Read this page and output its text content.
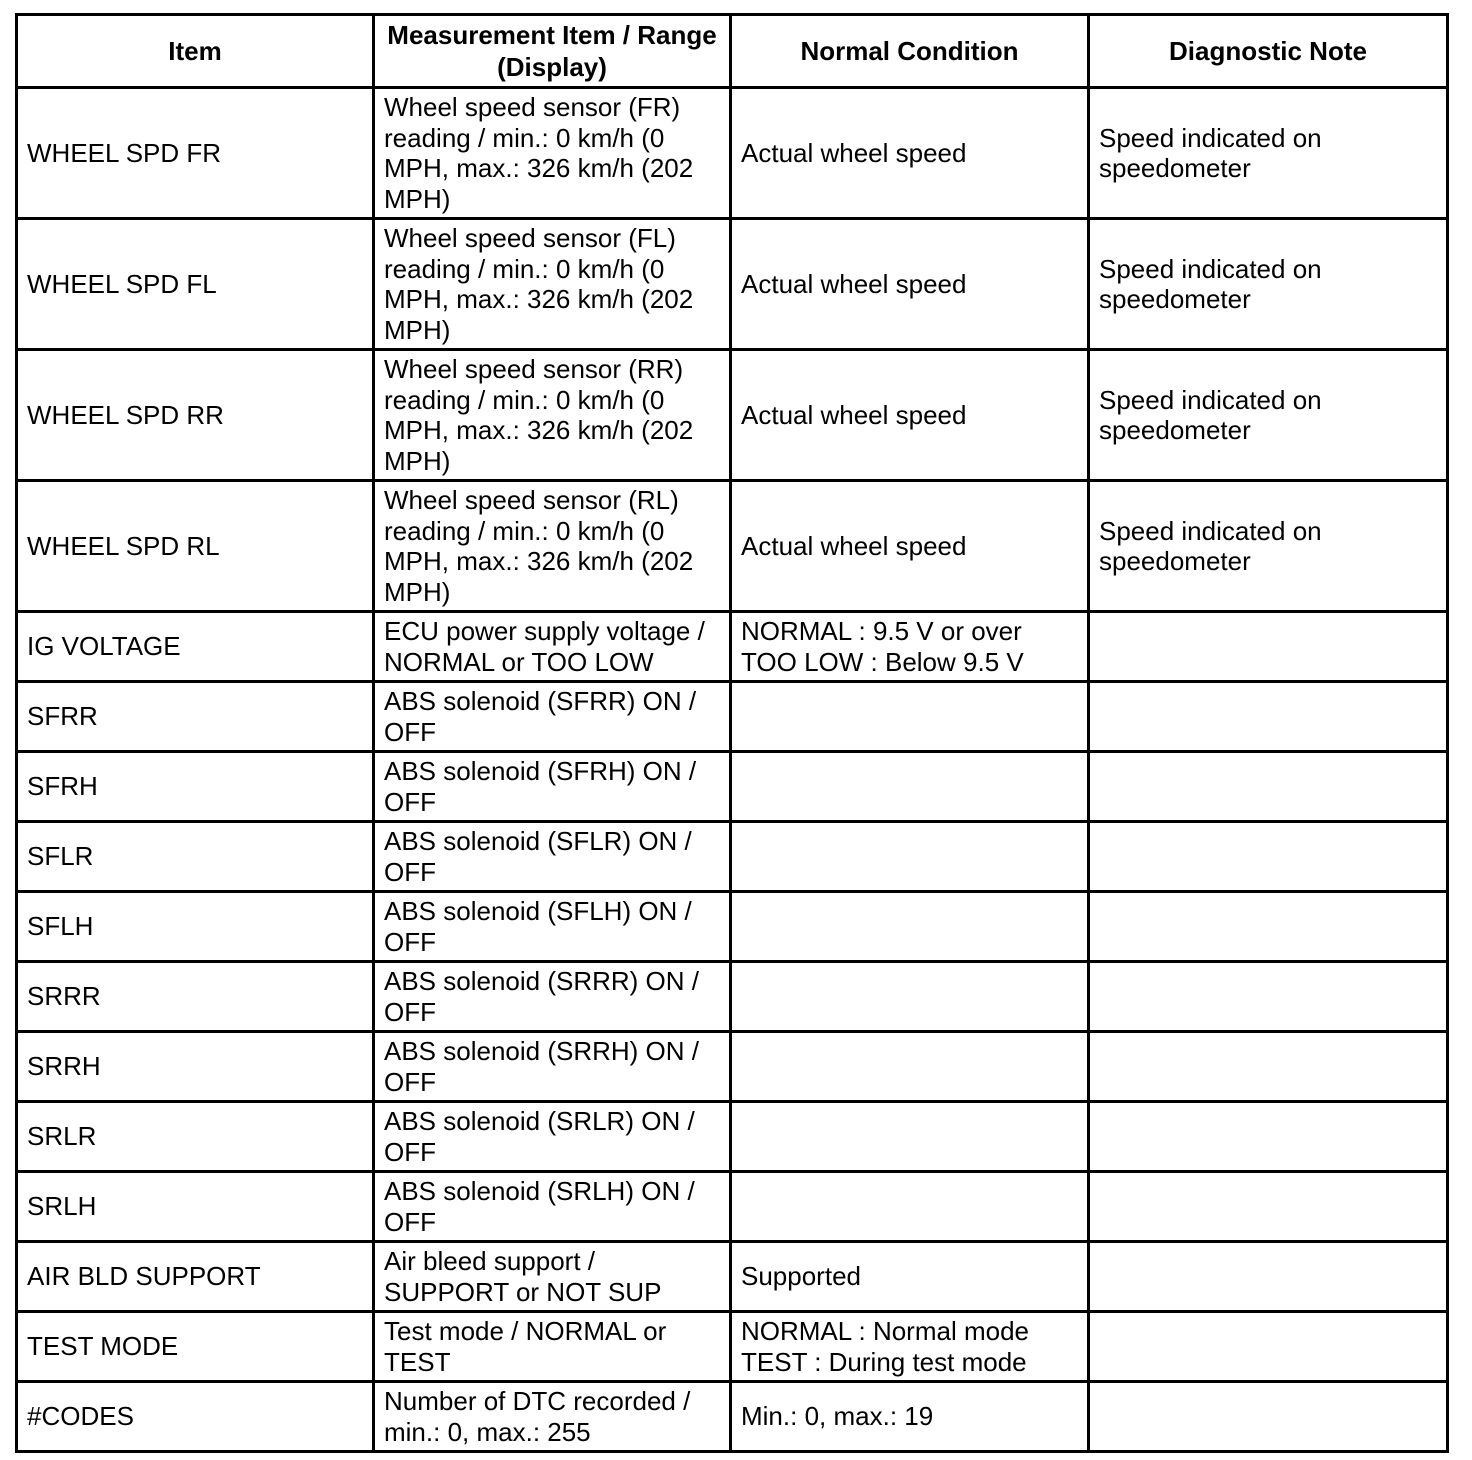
Item	Measurement Item / Range (Display)	Normal Condition	Diagnostic Note
WHEEL SPD FR	Wheel speed sensor (FR) reading / min.: 0 km/h (0 MPH, max.: 326 km/h (202 MPH)	Actual wheel speed	Speed indicated on speedometer
WHEEL SPD FL	Wheel speed sensor (FL) reading / min.: 0 km/h (0 MPH, max.: 326 km/h (202 MPH)	Actual wheel speed	Speed indicated on speedometer
WHEEL SPD RR	Wheel speed sensor (RR) reading / min.: 0 km/h (0 MPH, max.: 326 km/h (202 MPH)	Actual wheel speed	Speed indicated on speedometer
WHEEL SPD RL	Wheel speed sensor (RL) reading / min.: 0 km/h (0 MPH, max.: 326 km/h (202 MPH)	Actual wheel speed	Speed indicated on speedometer
IG VOLTAGE	ECU power supply voltage / NORMAL or TOO LOW	NORMAL : 9.5 V or over
TOO LOW : Below 9.5 V	
SFRR	ABS solenoid (SFRR) ON / OFF		
SFRH	ABS solenoid (SFRH) ON / OFF		
SFLR	ABS solenoid (SFLR) ON / OFF		
SFLH	ABS solenoid (SFLH) ON / OFF		
SRRR	ABS solenoid (SRRR) ON / OFF		
SRRH	ABS solenoid (SRRH) ON / OFF		
SRLR	ABS solenoid (SRLR) ON / OFF		
SRLH	ABS solenoid (SRLH) ON / OFF		
AIR BLD SUPPORT	Air bleed support / SUPPORT or NOT SUP	Supported	
TEST MODE	Test mode / NORMAL or TEST	NORMAL : Normal mode
TEST : During test mode	
#CODES	Number of DTC recorded / min.: 0, max.: 255	Min.: 0, max.: 19	
